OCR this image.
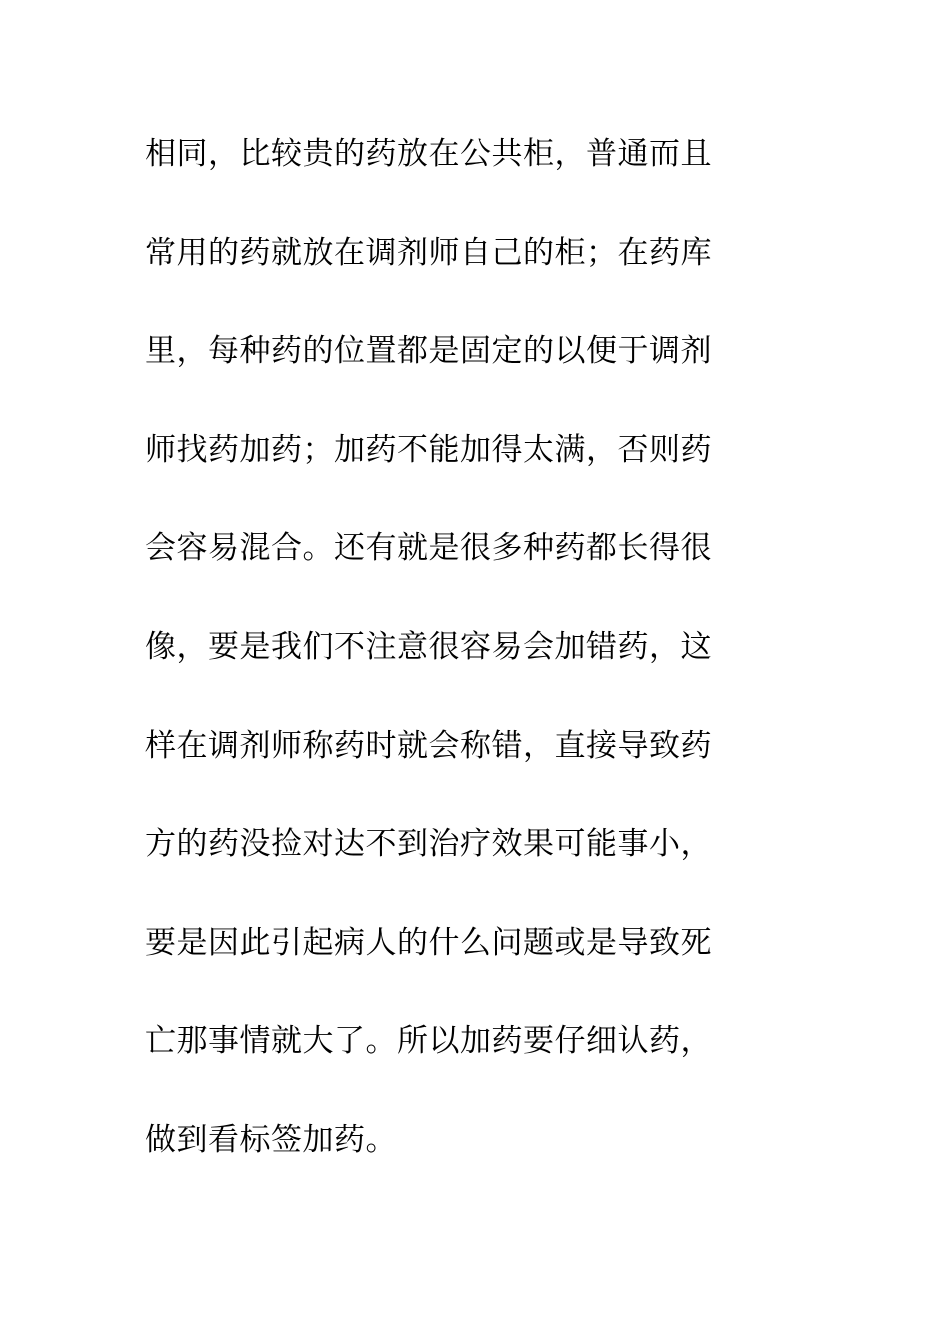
相同，比较贵的药放在公共柜，普通而且
常用的药就放在调剂师自己的柜；在药库
里，每种药的位置都是固定的以便于调剂
师找药加药；加药不能加得太满，否则药
会容易混合。还有就是很多种药都长得很
像，要是我们不注意很容易会加错药，这
样在调剂师称药时就会称错，直接导致药
方的药没捡对达不到治疗效果可能事小，
要是因此引起病人的什么问题或是导致死
亡那事情就大了。所以加药要仔细认药，
做到看标签加药。
